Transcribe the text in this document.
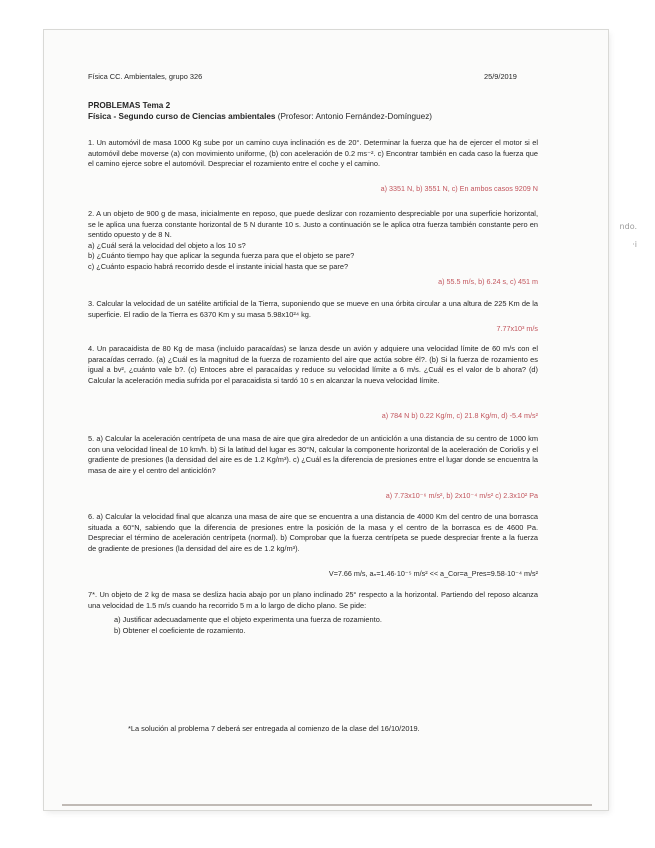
ndo.
·i
Física CC. Ambientales, grupo 326	25/9/2019
PROBLEMAS Tema 2
Física - Segundo curso de Ciencias ambientales (Profesor: Antonio Fernández-Domínguez)

1. Un automóvil de masa 1000 Kg sube por un camino cuya inclinación es de 20°. Determinar la fuerza que ha de ejercer el motor si el automóvil debe moverse (a) con movimiento uniforme, (b) con aceleración de 0.2 ms⁻². c) Encontrar también en cada caso la fuerza que el camino ejerce sobre el automóvil. Despreciar el rozamiento entre el coche y el camino.

a) 3351 N, b) 3551 N, c) En ambos casos 9209 N

2. A un objeto de 900 g de masa, inicialmente en reposo, que puede deslizar con rozamiento despreciable por una superficie horizontal, se le aplica una fuerza constante horizontal de 5 N durante 10 s. Justo a continuación se le aplica otra fuerza también constante pero en sentido opuesto y de 8 N.

a) ¿Cuál será la velocidad del objeto a los 10 s?

b) ¿Cuánto tiempo hay que aplicar la segunda fuerza para que el objeto se pare?

c) ¿Cuánto espacio habrá recorrido desde el instante inicial hasta que se pare?

a) 55.5 m/s, b) 6.24 s, c) 451 m

3. Calcular la velocidad de un satélite artificial de la Tierra, suponiendo que se mueve en una órbita circular a una altura de 225 Km de la superficie. El radio de la Tierra es 6370 Km y su masa 5.98x10²⁴ kg.

7.77x10³ m/s

4. Un paracaidista de 80 Kg de masa (incluido paracaídas) se lanza desde un avión y adquiere una velocidad límite de 60 m/s con el paracaídas cerrado. (a) ¿Cuál es la magnitud de la fuerza de rozamiento del aire que actúa sobre él?. (b) Si la fuerza de rozamiento es igual a bv², ¿cuánto vale b?. (c) Entoces abre el paracaídas y reduce su velocidad límite a 6 m/s. ¿Cuál es el valor de b ahora? (d) Calcular la aceleración media sufrida por el paracaidista si tardó 10 s en alcanzar la nueva velocidad límite.

a) 784 N b) 0.22 Kg/m, c) 21.8 Kg/m, d) -5.4 m/s²

5. a) Calcular la aceleración centrípeta de una masa de aire que gira alrededor de un anticiclón a una distancia de su centro de 1000 km con una velocidad lineal de 10 km/h. b) Si la latitud del lugar es 30°N, calcular la componente horizontal de la aceleración de Coriolis y el gradiente de presiones (la densidad del aire es de 1.2 Kg/m³). c) ¿Cuál es la diferencia de presiones entre el lugar donde se encuentra la masa de aire y el centro del anticiclón?

a) 7.73x10⁻⁶ m/s², b) 2x10⁻⁴ m/s² c) 2.3x10² Pa

6. a) Calcular la velocidad final que alcanza una masa de aire que se encuentra a una distancia de 4000 Km del centro de una borrasca situada a 60°N, sabiendo que la diferencia de presiones entre la posición de la masa y el centro de la borrasca es de 4600 Pa. Despreciar el término de aceleración centrípeta (normal). b) Comprobar que la fuerza centrípeta se puede despreciar frente a la fuerza de gradiente de presiones (la densidad del aire es de 1.2 kg/m³).

V=7.66 m/s, aₙ=1.46·10⁻⁵ m/s² << a_Cor=a_Pres=9.58·10⁻⁴ m/s²

7*. Un objeto de 2 kg de masa se desliza hacia abajo por un plano inclinado 25° respecto a la horizontal. Partiendo del reposo alcanza una velocidad de 1.5 m/s cuando ha recorrido 5 m a lo largo de dicho plano. Se pide:

a) Justificar adecuadamente que el objeto experimenta una fuerza de rozamiento.

b) Obtener el coeficiente de rozamiento.

*La solución al problema 7 deberá ser entregada al comienzo de la clase del 16/10/2019.
